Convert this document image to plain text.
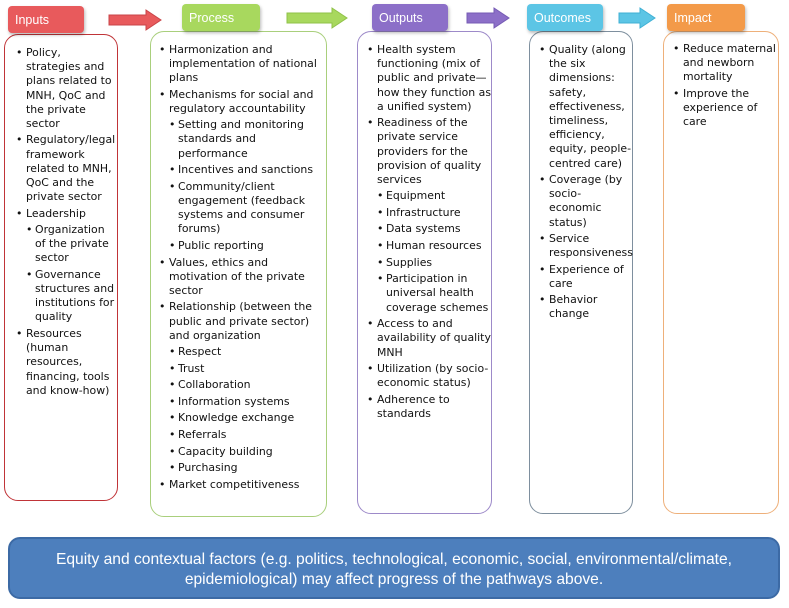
• Policy, strategies and plans related to MNH, QoC and the private sector
• Regulatory/legal framework related to MNH, QoC and the private sector
• Leadership
• Organization of the private sector
• Governance structures and institutions for quality
• Resources (human resources, financing, tools and know-how)
• Harmonization and implementation of national plans
• Mechanisms for social and regulatory accountability
• Setting and monitoring standards and performance
• Incentives and sanctions
• Community/client engagement (feedback systems and consumer forums)
• Public reporting
• Values, ethics and motivation of the private sector
• Relationship (between the public and private sector) and organization
• Respect
• Trust
• Collaboration
• Information systems
• Knowledge exchange
• Referrals
• Capacity building
• Purchasing
• Market competitiveness
• Health system functioning (mix of public and private—how they function as a unified system)
• Readiness of the private service providers for the provision of quality services
• Equipment
• Infrastructure
• Data systems
• Human resources
• Supplies
• Participation in universal health coverage schemes
• Access to and availability of quality MNH
• Utilization (by socio-economic status)
• Adherence to standards
• Quality (along the six dimensions: safety, effectiveness, timeliness, efficiency, equity, people-centred care)
• Coverage (by socio-economic status)
• Service responsiveness
• Experience of care
• Behavior change
• Reduce maternal and newborn mortality
• Improve the experience of care
Inputs	Process	Outputs	Outcomes	Impact
Equity and contextual factors (e.g. politics, technological, economic, social, environmental/climate,
epidemiological) may affect progress of the pathways above.
